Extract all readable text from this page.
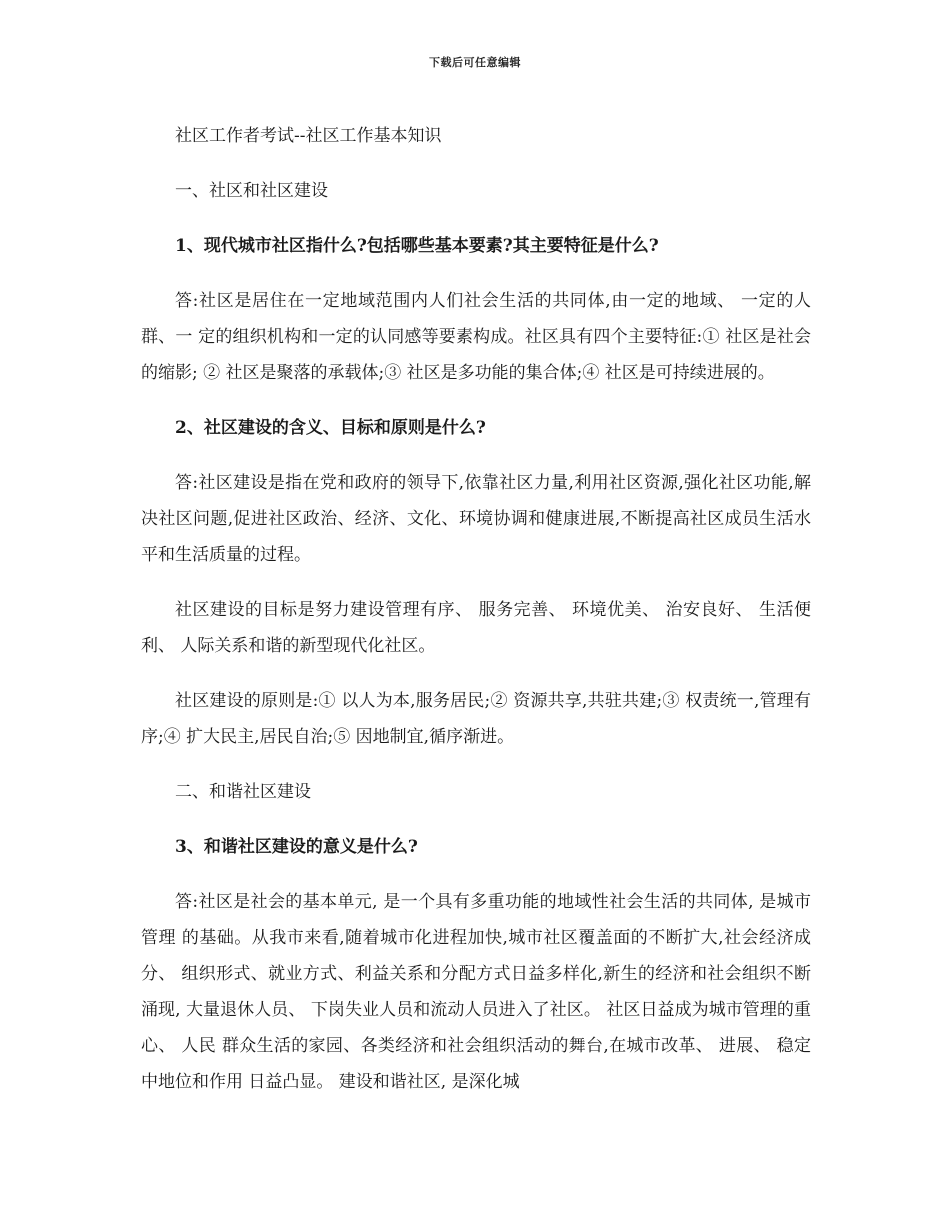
下载后可任意编辑

社区工作者考试--社区工作基本知识

一、社区和社区建设

1、现代城市社区指什么?包括哪些基本要素?其主要特征是什么?

答:社区是居住在一定地域范围内人们社会生活的共同体,由一定的地域、 一定的人群、一 定的组织机构和一定的认同感等要素构成。社区具有四个主要特征:① 社区是社会的缩影; ② 社区是聚落的承载体;③ 社区是多功能的集合体;④ 社区是可持续进展的。

2、社区建设的含义、目标和原则是什么?

答:社区建设是指在党和政府的领导下,依靠社区力量,利用社区资源,强化社区功能,解 决社区问题,促进社区政治、经济、文化、环境协调和健康进展,不断提高社区成员生活水 平和生活质量的过程。

社区建设的目标是努力建设管理有序、 服务完善、 环境优美、 治安良好、 生活便利、 人际关系和谐的新型现代化社区。

社区建设的原则是:① 以人为本,服务居民;② 资源共享,共驻共建;③ 权责统一,管理有序;④ 扩大民主,居民自治;⑤ 因地制宜,循序渐进。

二、和谐社区建设

3、和谐社区建设的意义是什么?

答:社区是社会的基本单元, 是一个具有多重功能的地域性社会生活的共同体, 是城市管理 的基础。从我市来看,随着城市化进程加快,城市社区覆盖面的不断扩大,社会经济成分、 组织形式、就业方式、利益关系和分配方式日益多样化,新生的经济和社会组织不断涌现, 大量退休人员、 下岗失业人员和流动人员进入了社区。 社区日益成为城市管理的重心、 人民 群众生活的家园、各类经济和社会组织活动的舞台,在城市改革、 进展、 稳定中地位和作用 日益凸显。 建设和谐社区, 是深化城
